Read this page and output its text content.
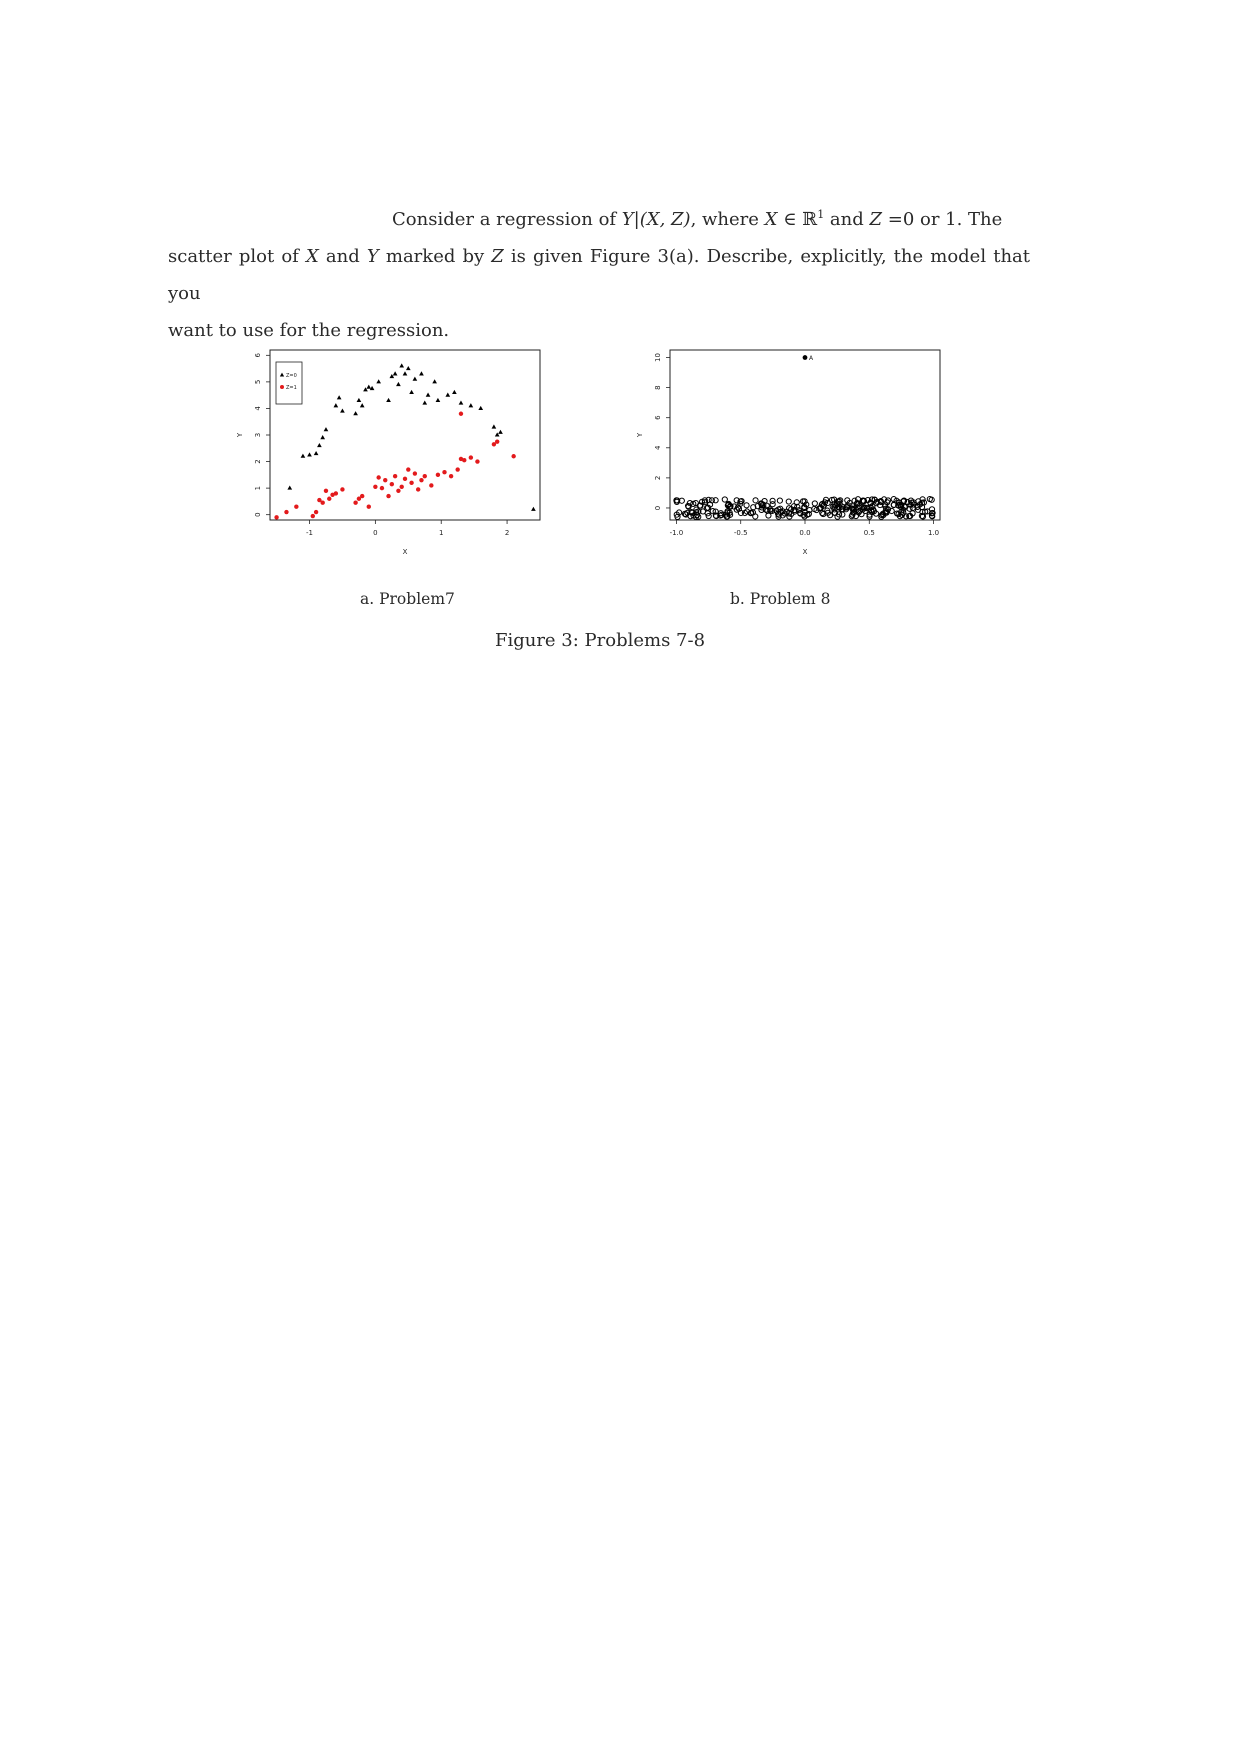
Consider a regression of Y|(X, Z), where X ∈ ℝ$^1$ and Z =0 or 1. The
scatter plot of X and Y marked by Z is given Figure 3(a). Describe, explicitly, the model that you
want to use for the regression.
-1	0	1	2
0
1
2
3
4
5
6
X
Y
Z=0
Z=1
-1.0	-0.5	0.0	0.5	1.0
0
2
4
6
8
10
X
Y
A
a. Problem7	b. Problem 8
Figure 3: Problems 7-8
